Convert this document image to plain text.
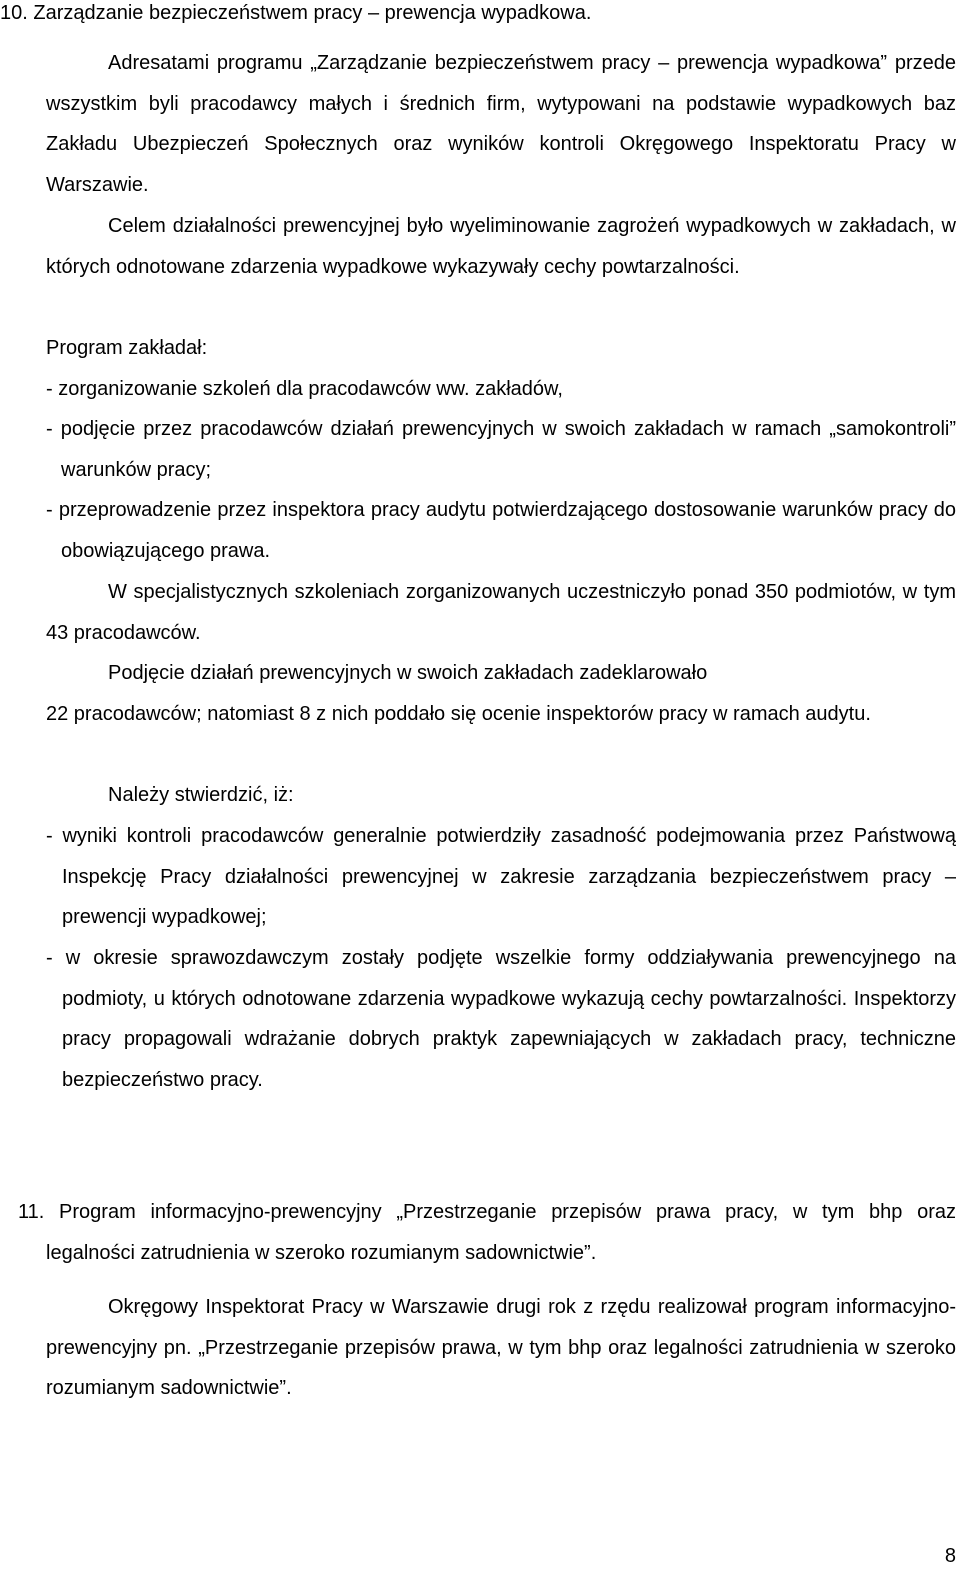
10. Zarządzanie bezpieczeństwem pracy – prewencja wypadkowa.

Adresatami programu „Zarządzanie bezpieczeństwem pracy – prewencja wypadkowa” przede wszystkim byli pracodawcy małych i średnich firm, wytypowani na podstawie wypadkowych baz Zakładu Ubezpieczeń Społecznych oraz wyników kontroli Okręgowego Inspektoratu Pracy w Warszawie.

Celem działalności prewencyjnej było wyeliminowanie zagrożeń wypadkowych w zakładach, w których odnotowane zdarzenia wypadkowe wykazywały cechy powtarzalności.

Program zakładał:

- zorganizowanie szkoleń dla pracodawców ww. zakładów,

- podjęcie przez pracodawców działań prewencyjnych w swoich zakładach w ramach „samokontroli” warunków pracy;

- przeprowadzenie przez inspektora pracy audytu potwierdzającego dostosowanie warunków pracy do obowiązującego prawa.

W specjalistycznych szkoleniach zorganizowanych uczestniczyło ponad 350 podmiotów, w tym 43 pracodawców.

Podjęcie działań prewencyjnych w swoich zakładach zadeklarowało

22 pracodawców; natomiast 8 z nich poddało się ocenie inspektorów pracy w ramach audytu.

Należy stwierdzić, iż:

- wyniki kontroli pracodawców generalnie potwierdziły zasadność podejmowania przez Państwową Inspekcję Pracy działalności prewencyjnej w zakresie zarządzania bezpieczeństwem pracy – prewencji wypadkowej;

- w okresie sprawozdawczym zostały podjęte wszelkie formy oddziaływania prewencyjnego na podmioty, u których odnotowane zdarzenia wypadkowe wykazują cechy powtarzalności. Inspektorzy pracy propagowali wdrażanie dobrych praktyk zapewniających w zakładach pracy, techniczne bezpieczeństwo pracy.

11. Program informacyjno-prewencyjny „Przestrzeganie przepisów prawa pracy, w tym bhp oraz legalności zatrudnienia w szeroko rozumianym sadownictwie”.

Okręgowy Inspektorat Pracy w Warszawie drugi rok z rzędu realizował program informacyjno-prewencyjny pn. „Przestrzeganie przepisów prawa, w tym bhp oraz legalności zatrudnienia w szeroko rozumianym sadownictwie”.

8
